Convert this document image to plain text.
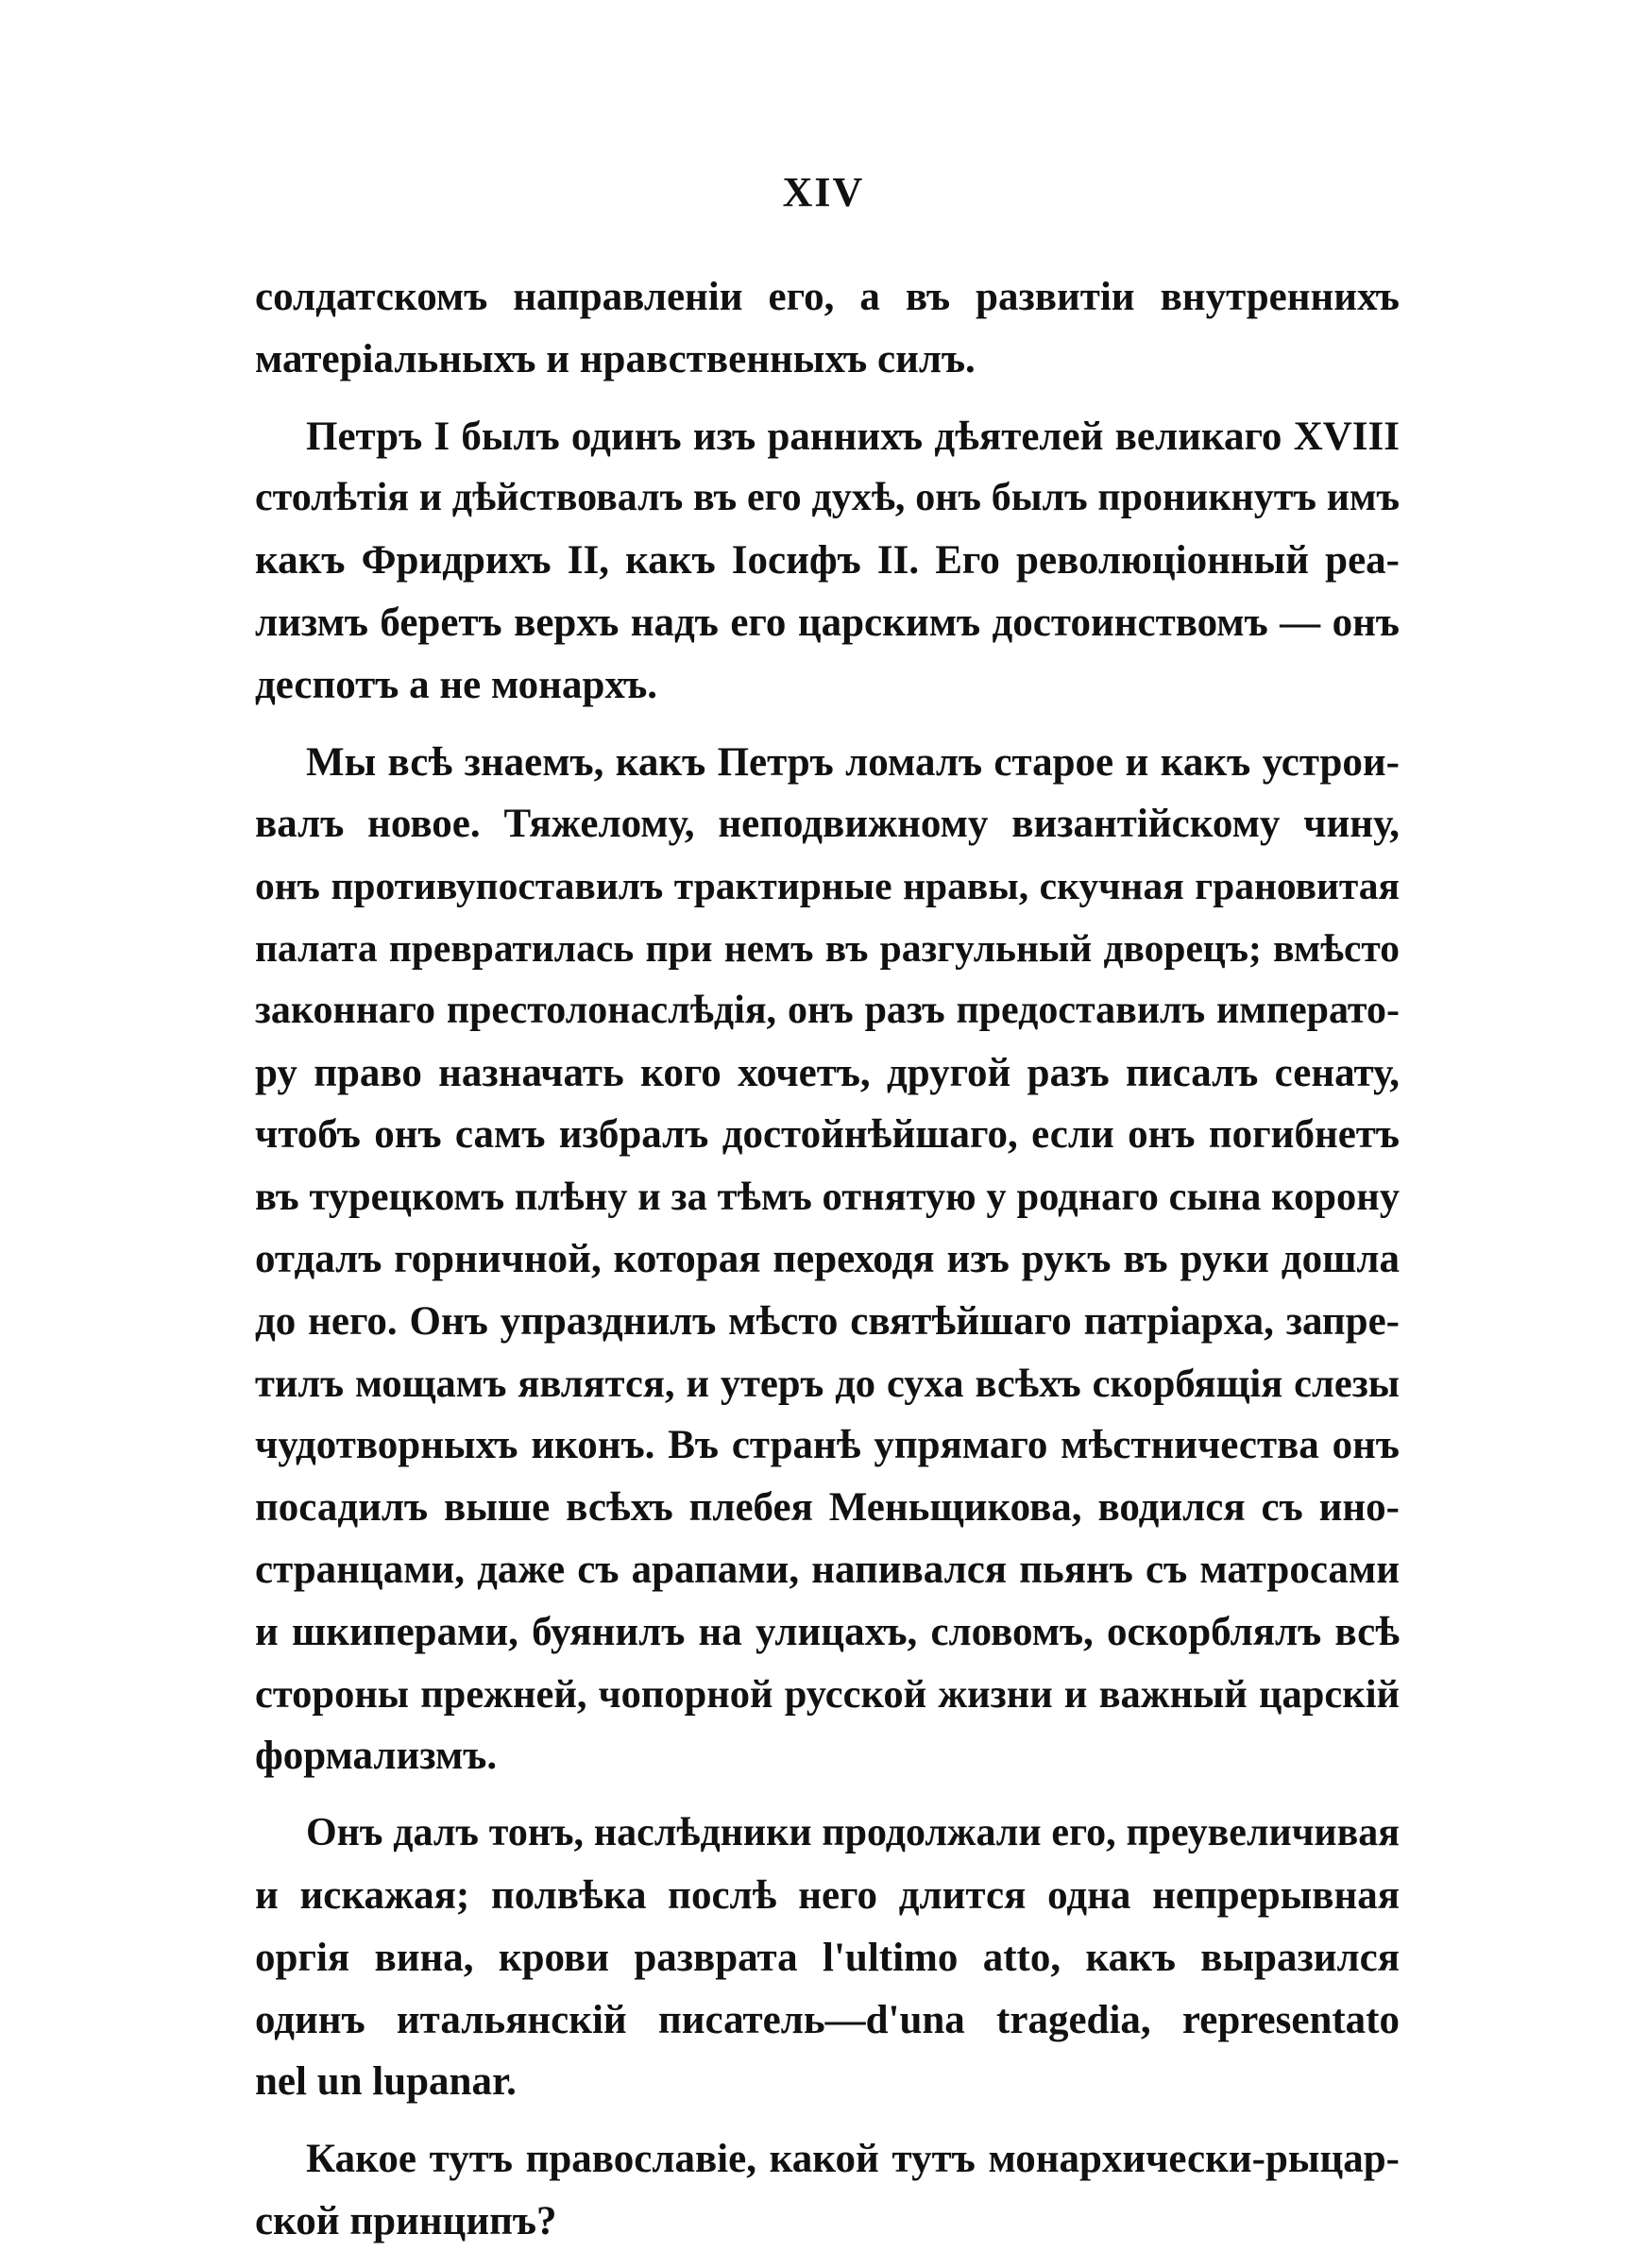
XIV
солдатскомъ направленіи его, а въ развитіи внутреннихъ
матеріальныхъ и нравственныхъ силъ.
Петръ I былъ одинъ изъ раннихъ дѣятелей великаго XVIII
столѣтія и дѣйствовалъ въ его духѣ, онъ былъ проникнутъ имъ
какъ Фридрихъ II, какъ Іосифъ II. Его революціонный реа-
лизмъ беретъ верхъ надъ его царскимъ достоинствомъ — онъ
деспотъ а не монархъ.
Мы всѣ знаемъ, какъ Петръ ломалъ старое и какъ устрои-
валъ новое. Тяжелому, неподвижному византійскому чину,
онъ противупоставилъ трактирные нравы, скучная грановитая
палата превратилась при немъ въ разгульный дворецъ; вмѣсто
законнаго престолонаслѣдія, онъ разъ предоставилъ императо-
ру право назначать кого хочетъ, другой разъ писалъ сенату,
чтобъ онъ самъ избралъ достойнѣйшаго, если онъ погибнетъ
въ турецкомъ плѣну и за тѣмъ отнятую у роднаго сына корону
отдалъ горничной, которая переходя изъ рукъ въ руки дошла
до него. Онъ упразднилъ мѣсто святѣйшаго патріарха, запре-
тилъ мощамъ являтся, и утеръ до суха всѣхъ скорбящія слезы
чудотворныхъ иконъ. Въ странѣ упрямаго мѣстничества онъ
посадилъ выше всѣхъ плебея Меньщикова, водился съ ино-
странцами, даже съ арапами, напивался пьянъ съ матросами
и шкиперами, буянилъ на улицахъ, словомъ, оскорблялъ всѣ
стороны прежней, чопорной русской жизни и важный царскій
формализмъ.
Онъ далъ тонъ, наслѣдники продолжали его, преувеличивая
и искажая; полвѣка послѣ него длится одна непрерывная
оргія вина, крови разврата l'ultimo atto, какъ выразился
одинъ итальянскій писатель—d'una tragedia, representato
nel un lupanar.
Какое тутъ православіе, какой тутъ монархически-рыцар-
ской принципъ?
